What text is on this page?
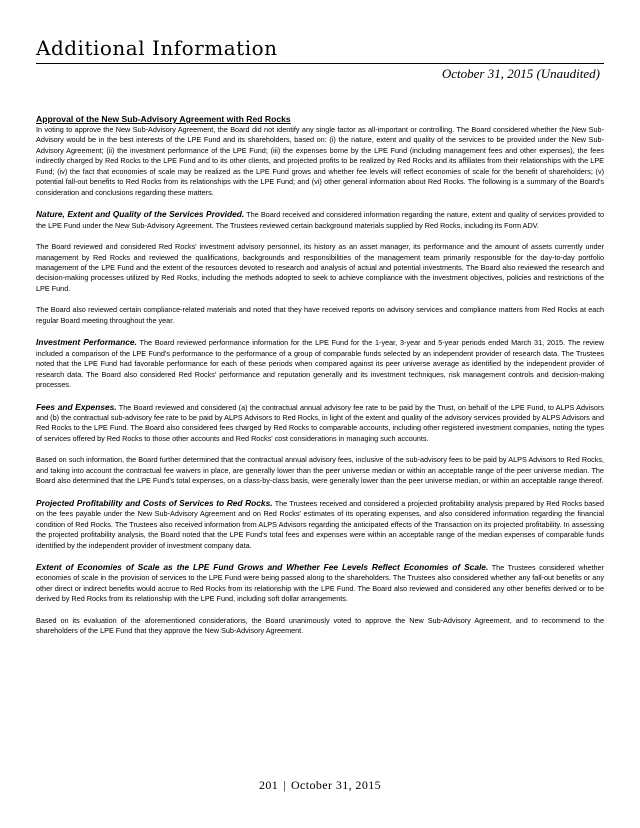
Additional Information
October 31, 2015 (Unaudited)

Approval of the New Sub-Advisory Agreement with Red Rocks

In voting to approve the New Sub-Advisory Agreement, the Board did not identify any single factor as all-important or controlling. The Board considered whether the New Sub-Advisory would be in the best interests of the LPE Fund and its shareholders, based on: (i) the nature, extent and quality of the services to be provided under the New Sub-Advisory Agreement; (ii) the investment performance of the LPE Fund; (iii) the expenses borne by the LPE Fund (including management fees and other expenses), the fees indirectly charged by Red Rocks to the LPE Fund and to its other clients, and projected profits to be realized by Red Rocks and its affiliates from their relationships with the LPE Fund; (iv) the fact that economies of scale may be realized as the LPE Fund grows and whether fee levels will reflect economies of scale for the benefit of shareholders; (v) potential fall-out benefits to Red Rocks from its relationships with the LPE Fund; and (vi) other general information about Red Rocks. The following is a summary of the Board's consideration and conclusions regarding these matters.

Nature, Extent and Quality of the Services Provided. The Board received and considered information regarding the nature, extent and quality of services provided to the LPE Fund under the New Sub-Advisory Agreement. The Trustees reviewed certain background materials supplied by Red Rocks, including its Form ADV.

The Board reviewed and considered Red Rocks' investment advisory personnel, its history as an asset manager, its performance and the amount of assets currently under management by Red Rocks and reviewed the qualifications, backgrounds and responsibilities of the management team primarily responsible for the day-to-day portfolio management of the LPE Fund and the extent of the resources devoted to research and analysis of actual and potential investments. The Board also reviewed the research and decision-making processes utilized by Red Rocks, including the methods adopted to seek to achieve compliance with the investment objectives, policies and restrictions of the LPE Fund.

The Board also reviewed certain compliance-related materials and noted that they have received reports on advisory services and compliance matters from Red Rocks at each regular Board meeting throughout the year.

Investment Performance. The Board reviewed performance information for the LPE Fund for the 1-year, 3-year and 5-year periods ended March 31, 2015. The review included a comparison of the LPE Fund's performance to the performance of a group of comparable funds selected by an independent provider of research data. The Trustees noted that the LPE Fund had favorable performance for each of these periods when compared against its peer universe average as identified by the independent provider of research data. The Board also considered Red Rocks' performance and reputation generally and its investment techniques, risk management controls and decision-making processes.

Fees and Expenses. The Board reviewed and considered (a) the contractual annual advisory fee rate to be paid by the Trust, on behalf of the LPE Fund, to ALPS Advisors and (b) the contractual sub-advisory fee rate to be paid by ALPS Advisors to Red Rocks, in light of the extent and quality of the advisory services provided by ALPS Advisors and Red Rocks to the LPE Fund. The Board also considered fees charged by Red Rocks to comparable accounts, including other registered investment companies, noting the types of services offered by Red Rocks to those other accounts and Red Rocks' cost considerations in managing such accounts.

Based on such information, the Board further determined that the contractual annual advisory fees, inclusive of the sub-advisory fees to be paid by ALPS Advisors to Red Rocks, and taking into account the contractual fee waivers in place, are generally lower than the peer universe median or within an acceptable range of the peer universe median. The Board also determined that the LPE Fund's total expenses, on a class-by-class basis, were generally lower than the peer universe median, or within an acceptable range thereof.

Projected Profitability and Costs of Services to Red Rocks. The Trustees received and considered a projected profitability analysis prepared by Red Rocks based on the fees payable under the New Sub-Advisory Agreement and on Red Rocks' estimates of its operating expenses, and also considered information regarding the financial condition of Red Rocks. The Trustees also received information from ALPS Advisors regarding the anticipated effects of the Transaction on its projected profitability. In assessing the projected profitability analysis, the Board noted that the LPE Fund's total fees and expenses were within an acceptable range of the median expenses of comparable funds identified by the independent provider of investment company data.

Extent of Economies of Scale as the LPE Fund Grows and Whether Fee Levels Reflect Economies of Scale. The Trustees considered whether economies of scale in the provision of services to the LPE Fund were being passed along to the shareholders. The Trustees also considered whether any fall-out benefits or any other direct or indirect benefits would accrue to Red Rocks from its relationship with the LPE Fund. The Board also reviewed and considered any other benefits derived or to be derived by Red Rocks from its relationship with the LPE Fund, including soft dollar arrangements.

Based on its evaluation of the aforementioned considerations, the Board unanimously voted to approve the New Sub-Advisory Agreement, and to recommend to the shareholders of the LPE Fund that they approve the New Sub-Advisory Agreement.

201 | October 31, 2015
